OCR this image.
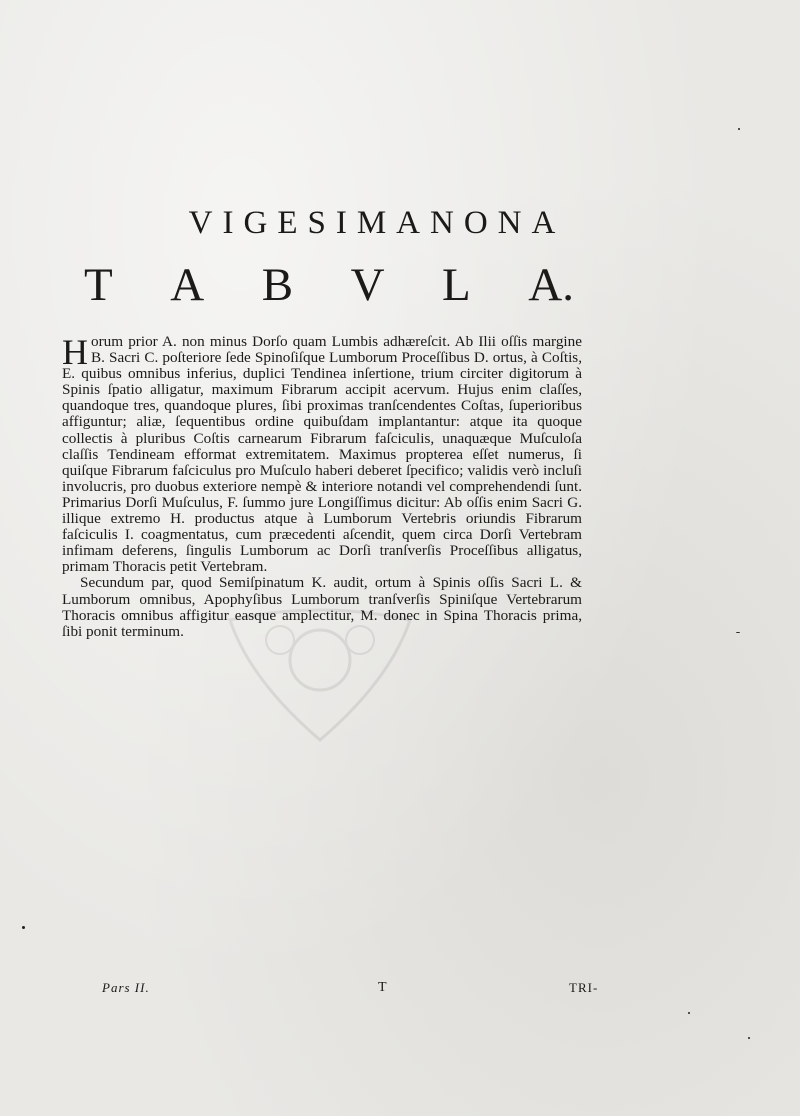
VIGESIMANONA
T A B V L A.

Horum prior A. non minus Dorſo quam Lumbis adhæreſcit. Ab Ilii oſſis margine B. Sacri C. poſteriore ſede Spinoſiſque Lumborum Proceſſibus D. ortus, à Coſtis, E. quibus omnibus inferius, duplici Tendinea inſertione, trium circiter digitorum à Spinis ſpatio alligatur, maximum Fibrarum accipit acervum. Hujus enim claſſes, quandoque tres, quandoque plures, ſibi proximas tranſcendentes Coſtas, ſuperioribus affiguntur; aliæ, ſequentibus ordine quibuſdam implantantur: atque ita quoque collectis à pluribus Coſtis carnearum Fibrarum faſciculis, unaquæque Muſculoſa claſſis Tendineam efformat extremitatem. Maximus propterea eſſet numerus, ſi quiſque Fibrarum faſciculus pro Muſculo haberi deberet ſpecifico; validis verò incluſi involucris, pro duobus exteriore nempè & interiore notandi vel comprehendendi ſunt. Primarius Dorſi Muſculus, F. ſummo jure Longiſſimus dicitur: Ab oſſis enim Sacri G. illique extremo H. productus atque à Lumborum Vertebris oriundis Fibrarum faſciculis I. coagmentatus, cum præcedenti aſcendit, quem circa Dorſi Vertebram infimam deferens, ſingulis Lumborum ac Dorſi tranſverſis Proceſſibus alligatus, primam Thoracis petit Vertebram.

Secundum par, quod Semiſpinatum K. audit, ortum à Spinis oſſis Sacri L. & Lumborum omnibus, Apophyſibus Lumborum tranſverſis Spiniſque Vertebrarum Thoracis omnibus affigitur easque amplectitur, M. donec in Spina Thoracis prima, ſibi ponit terminum.

Pars II.	T	TRI-
